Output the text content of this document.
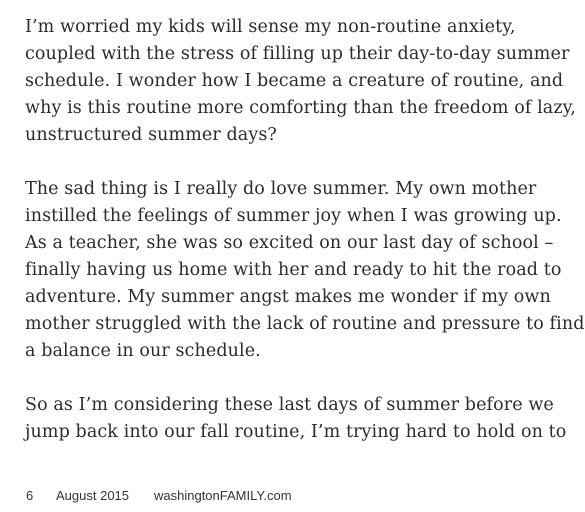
I’m worried my kids will sense my non-routine anxiety,
coupled with the stress of filling up their day-to-day summer
schedule. I wonder how I became a creature of routine, and
why is this routine more comforting than the freedom of lazy,
unstructured summer days?

The sad thing is I really do love summer. My own mother
instilled the feelings of summer joy when I was growing up.
As a teacher, she was so excited on our last day of school –
finally having us home with her and ready to hit the road to
adventure. My summer angst makes me wonder if my own
mother struggled with the lack of routine and pressure to find
a balance in our schedule.

So as I’m considering these last days of summer before we
jump back into our fall routine, I’m trying hard to hold on to

6 August 2015 washingtonFAMILY.com
